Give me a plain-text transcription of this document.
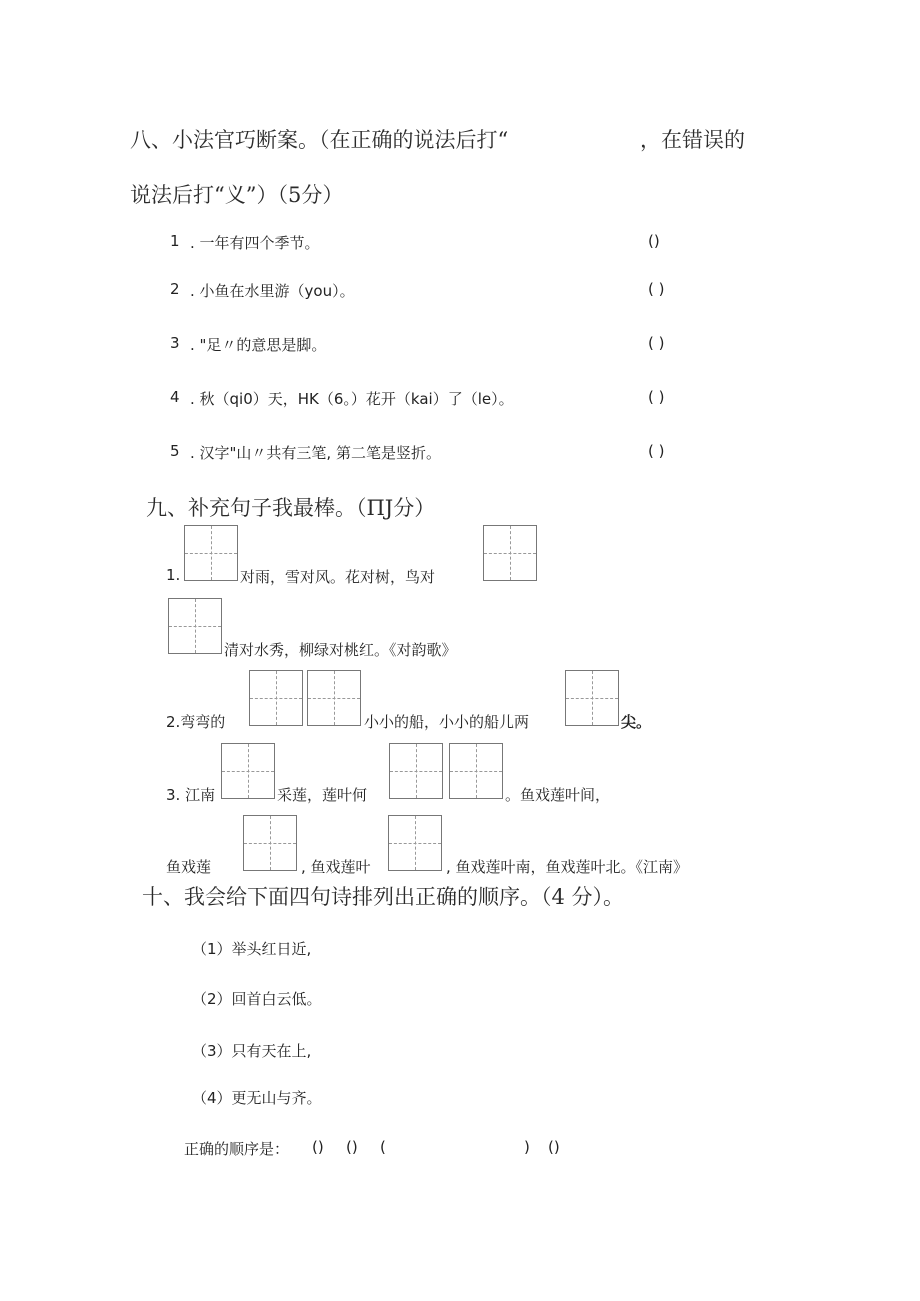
八、小法官巧断案。（在正确的说法后打“	，在错误的
说法后打“义”）（5分）
1 . 一年有四个季节。	()
2 . 小鱼在水里游（you）。	( )
3 . "足〃的意思是脚。	( )
4 . 秋（qi0）天，HK（6。）花开（kai）了（le）。	( )
5 . 汉字"山〃共有三笔, 第二笔是竖折。	( )
九、补充句子我最棒。（ΠJ分）
1.	对雨，雪对风。花对树，鸟对
清对水秀，柳绿对桃红。《对韵歌》
2.弯弯的	小小的船，小小的船儿两	尖。
3. 江南	采莲，莲叶何	。鱼戏莲叶间，
鱼戏莲	, 鱼戏莲叶	, 鱼戏莲叶南，鱼戏莲叶北。《江南》
十、我会给下面四句诗排列出正确的顺序。（4 分）。
（1）举头红日近,
（2）回首白云低。
（3）只有天在上,
（4）更无山与齐。
正确的顺序是： () () (	) ()
